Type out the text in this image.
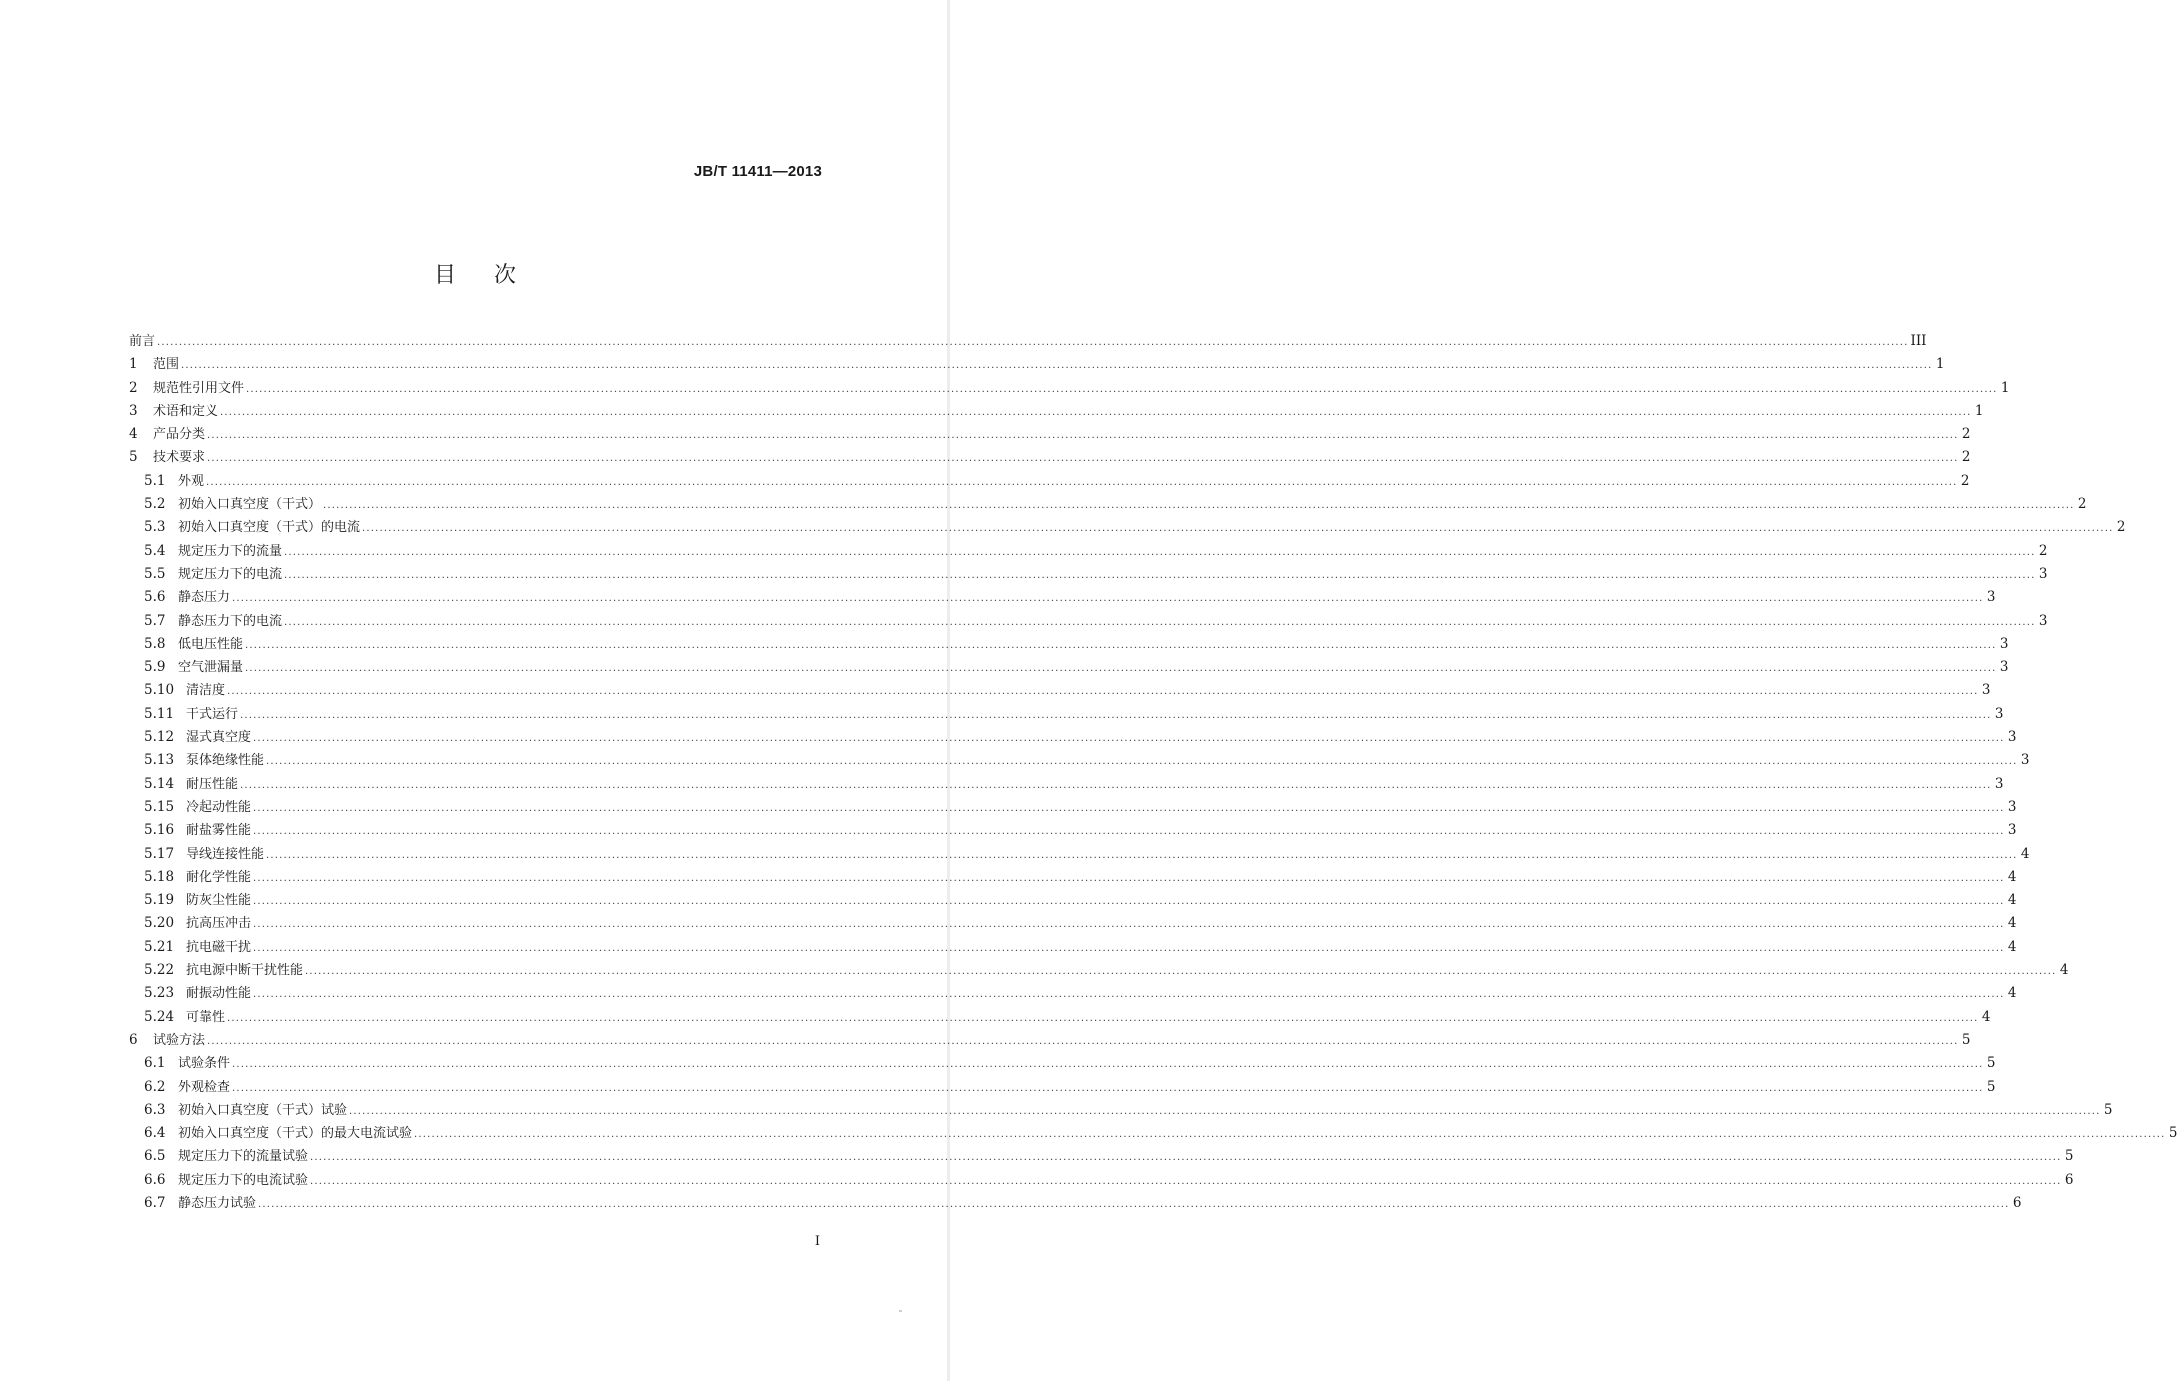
JB/T 11411—2013
目次
前言 ................................................................................................................................................................................................................................................................................................................................................................................................................ III
1	范围 ................................................................................................................................................................................................................................................................................................................................................................................................................ 1
2	规范性引用文件 ................................................................................................................................................................................................................................................................................................................................................................................................................ 1
3	术语和定义 ................................................................................................................................................................................................................................................................................................................................................................................................................ 1
4	产品分类 ................................................................................................................................................................................................................................................................................................................................................................................................................ 2
5	技术要求 ................................................................................................................................................................................................................................................................................................................................................................................................................ 2
5.1 外观 ................................................................................................................................................................................................................................................................................................................................................................................................................ 2
5.2 初始入口真空度（干式） ................................................................................................................................................................................................................................................................................................................................................................................................................ 2
5.3 初始入口真空度（干式）的电流 ................................................................................................................................................................................................................................................................................................................................................................................................................ 2
5.4 规定压力下的流量 ................................................................................................................................................................................................................................................................................................................................................................................................................ 2
5.5 规定压力下的电流 ................................................................................................................................................................................................................................................................................................................................................................................................................ 3
5.6 静态压力 ................................................................................................................................................................................................................................................................................................................................................................................................................ 3
5.7 静态压力下的电流 ................................................................................................................................................................................................................................................................................................................................................................................................................ 3
5.8 低电压性能 ................................................................................................................................................................................................................................................................................................................................................................................................................ 3
5.9 空气泄漏量 ................................................................................................................................................................................................................................................................................................................................................................................................................ 3
5.10 清洁度 ................................................................................................................................................................................................................................................................................................................................................................................................................ 3
5.11 干式运行 ................................................................................................................................................................................................................................................................................................................................................................................................................ 3
5.12 湿式真空度 ................................................................................................................................................................................................................................................................................................................................................................................................................ 3
5.13 泵体绝缘性能 ................................................................................................................................................................................................................................................................................................................................................................................................................ 3
5.14 耐压性能 ................................................................................................................................................................................................................................................................................................................................................................................................................ 3
5.15 冷起动性能 ................................................................................................................................................................................................................................................................................................................................................................................................................ 3
5.16 耐盐雾性能 ................................................................................................................................................................................................................................................................................................................................................................................................................ 3
5.17 导线连接性能 ................................................................................................................................................................................................................................................................................................................................................................................................................ 4
5.18 耐化学性能 ................................................................................................................................................................................................................................................................................................................................................................................................................ 4
5.19 防灰尘性能 ................................................................................................................................................................................................................................................................................................................................................................................................................ 4
5.20 抗高压冲击 ................................................................................................................................................................................................................................................................................................................................................................................................................ 4
5.21 抗电磁干扰 ................................................................................................................................................................................................................................................................................................................................................................................................................ 4
5.22 抗电源中断干扰性能 ................................................................................................................................................................................................................................................................................................................................................................................................................ 4
5.23 耐振动性能 ................................................................................................................................................................................................................................................................................................................................................................................................................ 4
5.24 可靠性 ................................................................................................................................................................................................................................................................................................................................................................................................................ 4
6	试验方法 ................................................................................................................................................................................................................................................................................................................................................................................................................ 5
6.1 试验条件 ................................................................................................................................................................................................................................................................................................................................................................................................................ 5
6.2 外观检查 ................................................................................................................................................................................................................................................................................................................................................................................................................ 5
6.3 初始入口真空度（干式）试验 ................................................................................................................................................................................................................................................................................................................................................................................................................ 5
6.4 初始入口真空度（干式）的最大电流试验 ................................................................................................................................................................................................................................................................................................................................................................................................................ 5
6.5 规定压力下的流量试验 ................................................................................................................................................................................................................................................................................................................................................................................................................ 5
6.6 规定压力下的电流试验 ................................................................................................................................................................................................................................................................................................................................................................................................................ 6
6.7 静态压力试验 ................................................................................................................................................................................................................................................................................................................................................................................................................ 6
I
